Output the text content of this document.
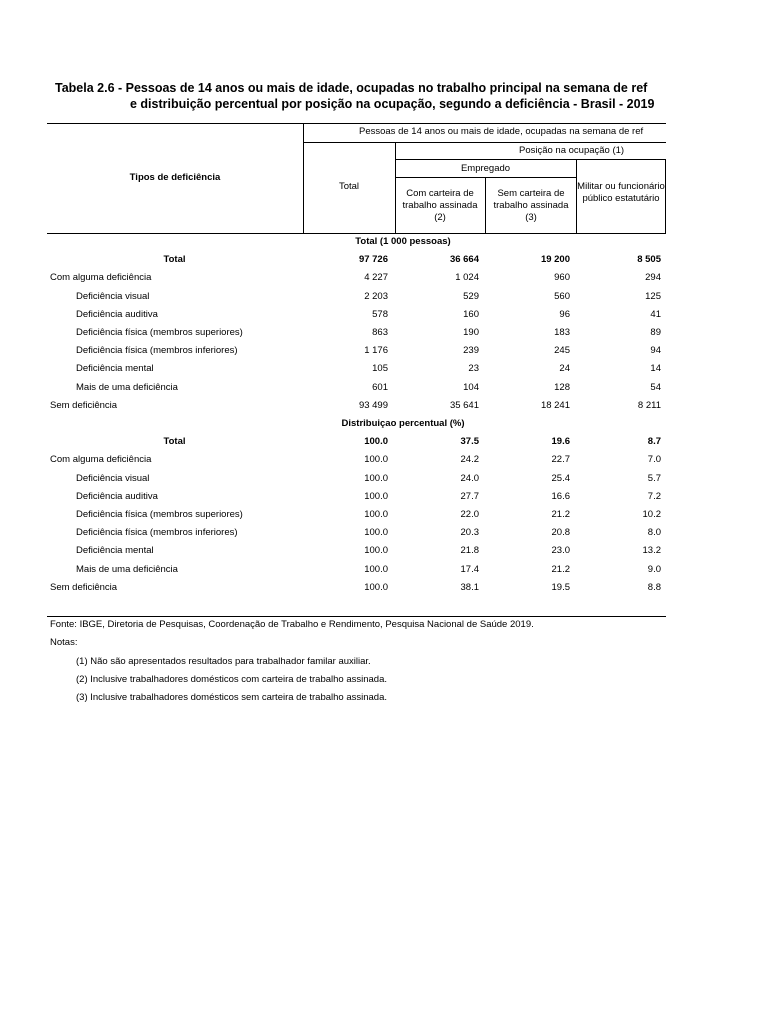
Tabela 2.6 - Pessoas de 14 anos ou mais de idade, ocupadas no trabalho principal na semana de ref
e distribuição percentual por posição na ocupação, segundo a deficiência - Brasil - 2019
Tipos de deficiência
Pessoas de 14 anos ou mais de idade, ocupadas na semana de ref
Posição na ocupação (1)
Empregado
Total
Com carteira de trabalho assinada (2)
Sem carteira de trabalho assinada (3)
Militar ou funcionário público estatutário
Total (1 000 pessoas)
Total	97 726	36 664	19 200	8 505
Com alguma deficiência	4 227	1 024	960	294
Deficiência visual	2 203	529	560	125
Deficiência auditiva	578	160	96	41
Deficiência física (membros superiores)	863	190	183	89
Deficiência física (membros inferiores)	1 176	239	245	94
Deficiência mental	105	23	24	14
Mais de uma deficiência	601	104	128	54
Sem deficiência	93 499	35 641	18 241	8 211
Distribuiçao percentual (%)
Total	100.0	37.5	19.6	8.7
Com alguma deficiência	100.0	24.2	22.7	7.0
Deficiência visual	100.0	24.0	25.4	5.7
Deficiência auditiva	100.0	27.7	16.6	7.2
Deficiência física (membros superiores)	100.0	22.0	21.2	10.2
Deficiência física (membros inferiores)	100.0	20.3	20.8	8.0
Deficiência mental	100.0	21.8	23.0	13.2
Mais de uma deficiência	100.0	17.4	21.2	9.0
Sem deficiência	100.0	38.1	19.5	8.8
Fonte: IBGE, Diretoria de Pesquisas, Coordenação de Trabalho e Rendimento, Pesquisa Nacional de Saúde 2019.
Notas:
(1) Não são apresentados resultados para trabalhador familar auxiliar.
(2) Inclusive trabalhadores domésticos com carteira de trabalho assinada.
(3) Inclusive trabalhadores domésticos sem carteira de trabalho assinada.
